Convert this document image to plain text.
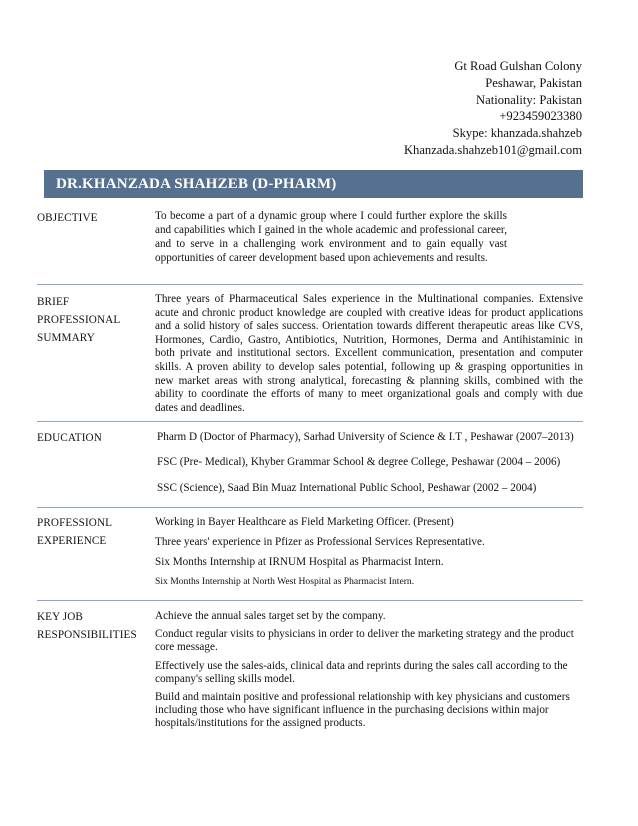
Gt Road Gulshan Colony
Peshawar, Pakistan
Nationality: Pakistan
+923459023380
Skype: khanzada.shahzeb
Khanzada.shahzeb101@gmail.com
DR.KHANZADA SHAHZEB (D-PHARM)
OBJECTIVE	To become a part of a dynamic group where I could further explore the skills and capabilities which I gained in the whole academic and professional career, and to serve in a challenging work environment and to gain equally vast opportunities of career development based upon achievements and results.
BRIEF
PROFESSIONAL
SUMMARY
Three years of Pharmaceutical Sales experience in the Multinational companies. Extensive acute and chronic product knowledge are coupled with creative ideas for product applications and a solid history of sales success. Orientation towards different therapeutic areas like CVS, Hormones, Cardio, Gastro, Antibiotics, Nutrition, Hormones, Derma and Antihistaminic in both private and institutional sectors. Excellent communication, presentation and computer skills. A proven ability to develop sales potential, following up & grasping opportunities in new market areas with strong analytical, forecasting & planning skills, combined with the ability to coordinate the efforts of many to meet organizational goals and comply with due dates and deadlines.
EDUCATION	Pharm D (Doctor of Pharmacy), Sarhad University of Science & I.T , Peshawar (2007–2013)
FSC (Pre- Medical), Khyber Grammar School & degree College, Peshawar (2004 – 2006)
SSC (Science), Saad Bin Muaz International Public School, Peshawar (2002 – 2004)
PROFESSIONL
EXPERIENCE
Working in Bayer Healthcare as Field Marketing Officer. (Present)
Three years' experience in Pfizer as Professional Services Representative.
Six Months Internship at IRNUM Hospital as Pharmacist Intern.
Six Months Internship at North West Hospital as Pharmacist Intern.
KEY JOB
RESPONSIBILITIES

Achieve the annual sales target set by the company.

Conduct regular visits to physicians in order to deliver the marketing strategy and the product core message.

Effectively use the sales-aids, clinical data and reprints during the sales call according to the company's selling skills model.

Build and maintain positive and professional relationship with key physicians and customers including those who have significant influence in the purchasing decisions within major hospitals/institutions for the assigned products.
